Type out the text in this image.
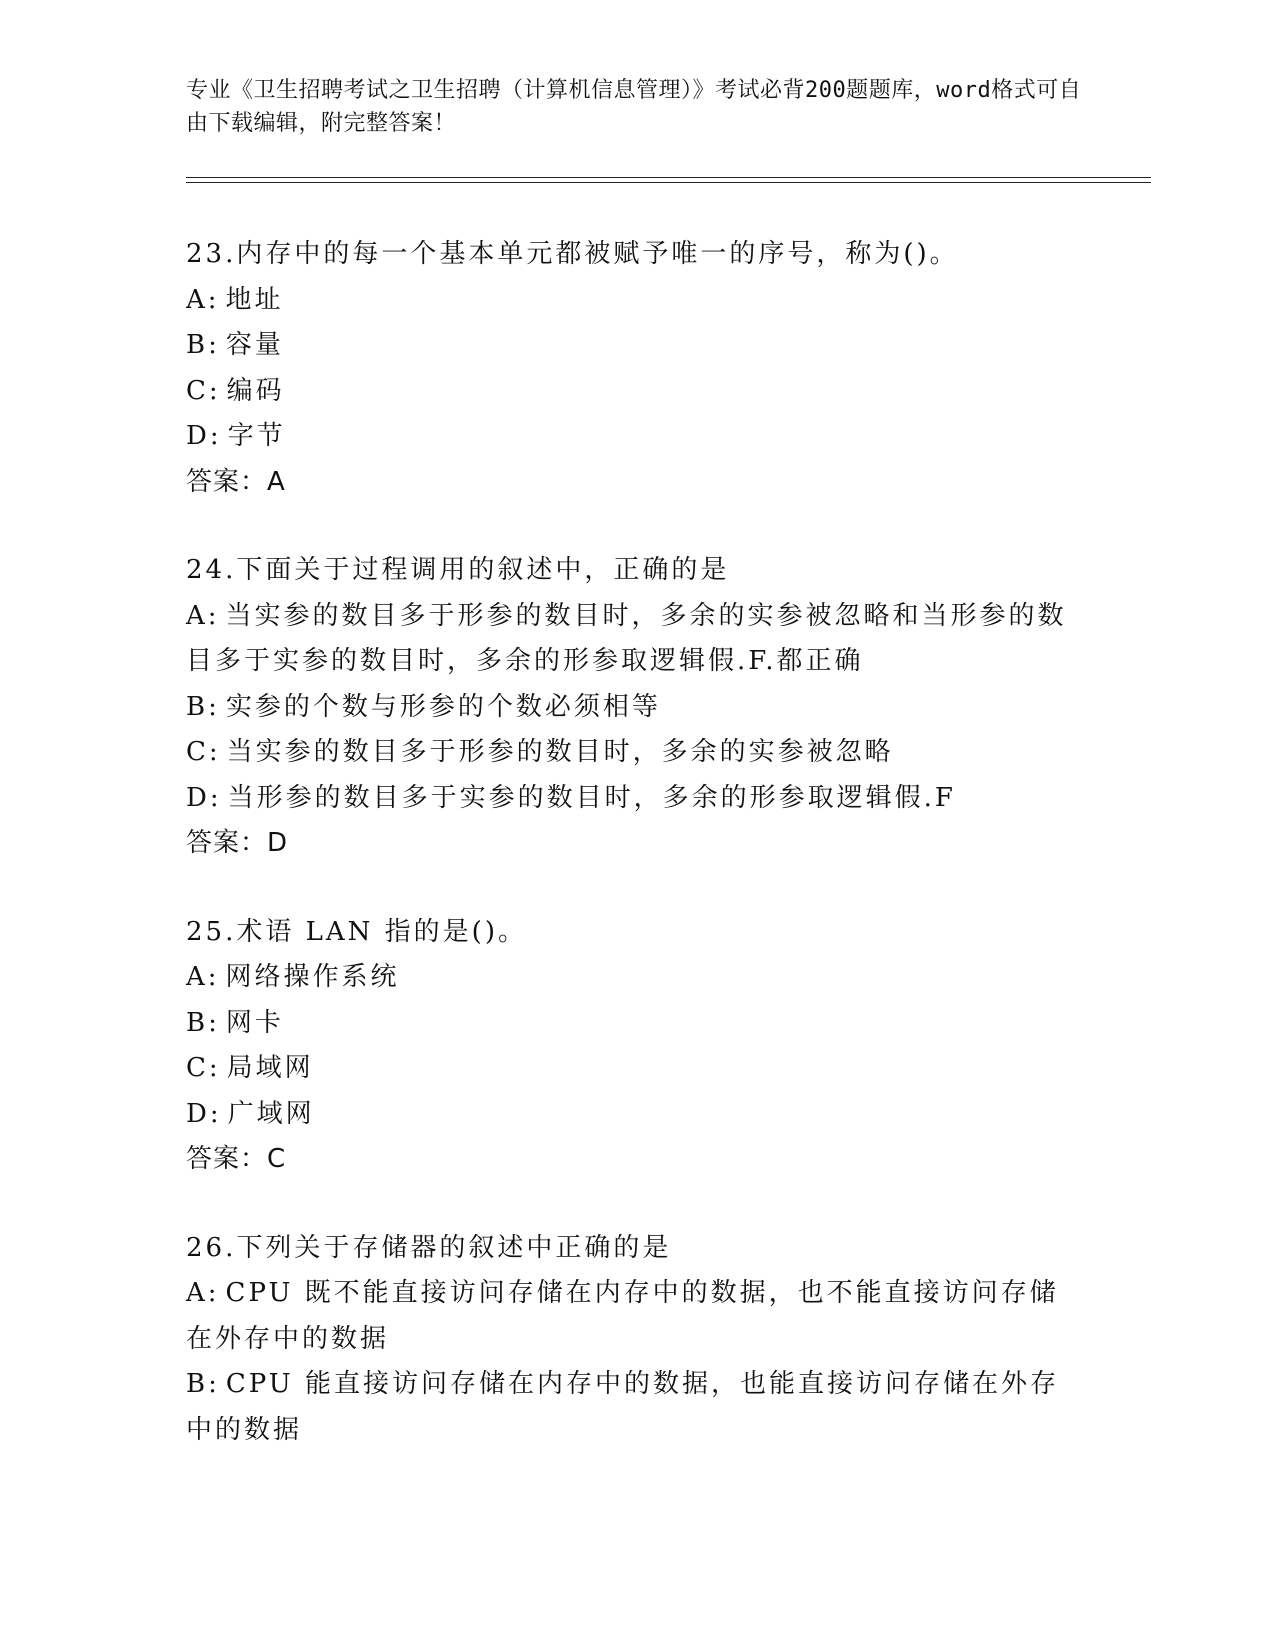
专业《卫生招聘考试之卫生招聘（计算机信息管理）》考试必背200题题库，word格式可自由下载编辑，附完整答案！
23.内存中的每一个基本单元都被赋予唯一的序号，称为()。
A: 地址
B: 容量
C: 编码
D: 字节
答案：A
24.下面关于过程调用的叙述中，正确的是
A: 当实参的数目多于形参的数目时，多余的实参被忽略和当形参的数目多于实参的数目时，多余的形参取逻辑假.F.都正确
B: 实参的个数与形参的个数必须相等
C: 当实参的数目多于形参的数目时，多余的实参被忽略
D: 当形参的数目多于实参的数目时，多余的形参取逻辑假.F
答案：D
25.术语 LAN 指的是()。
A: 网络操作系统
B: 网卡
C: 局域网
D: 广域网
答案：C
26.下列关于存储器的叙述中正确的是
A: CPU 既不能直接访问存储在内存中的数据，也不能直接访问存储在外存中的数据
B: CPU 能直接访问存储在内存中的数据，也能直接访问存储在外存中的数据
